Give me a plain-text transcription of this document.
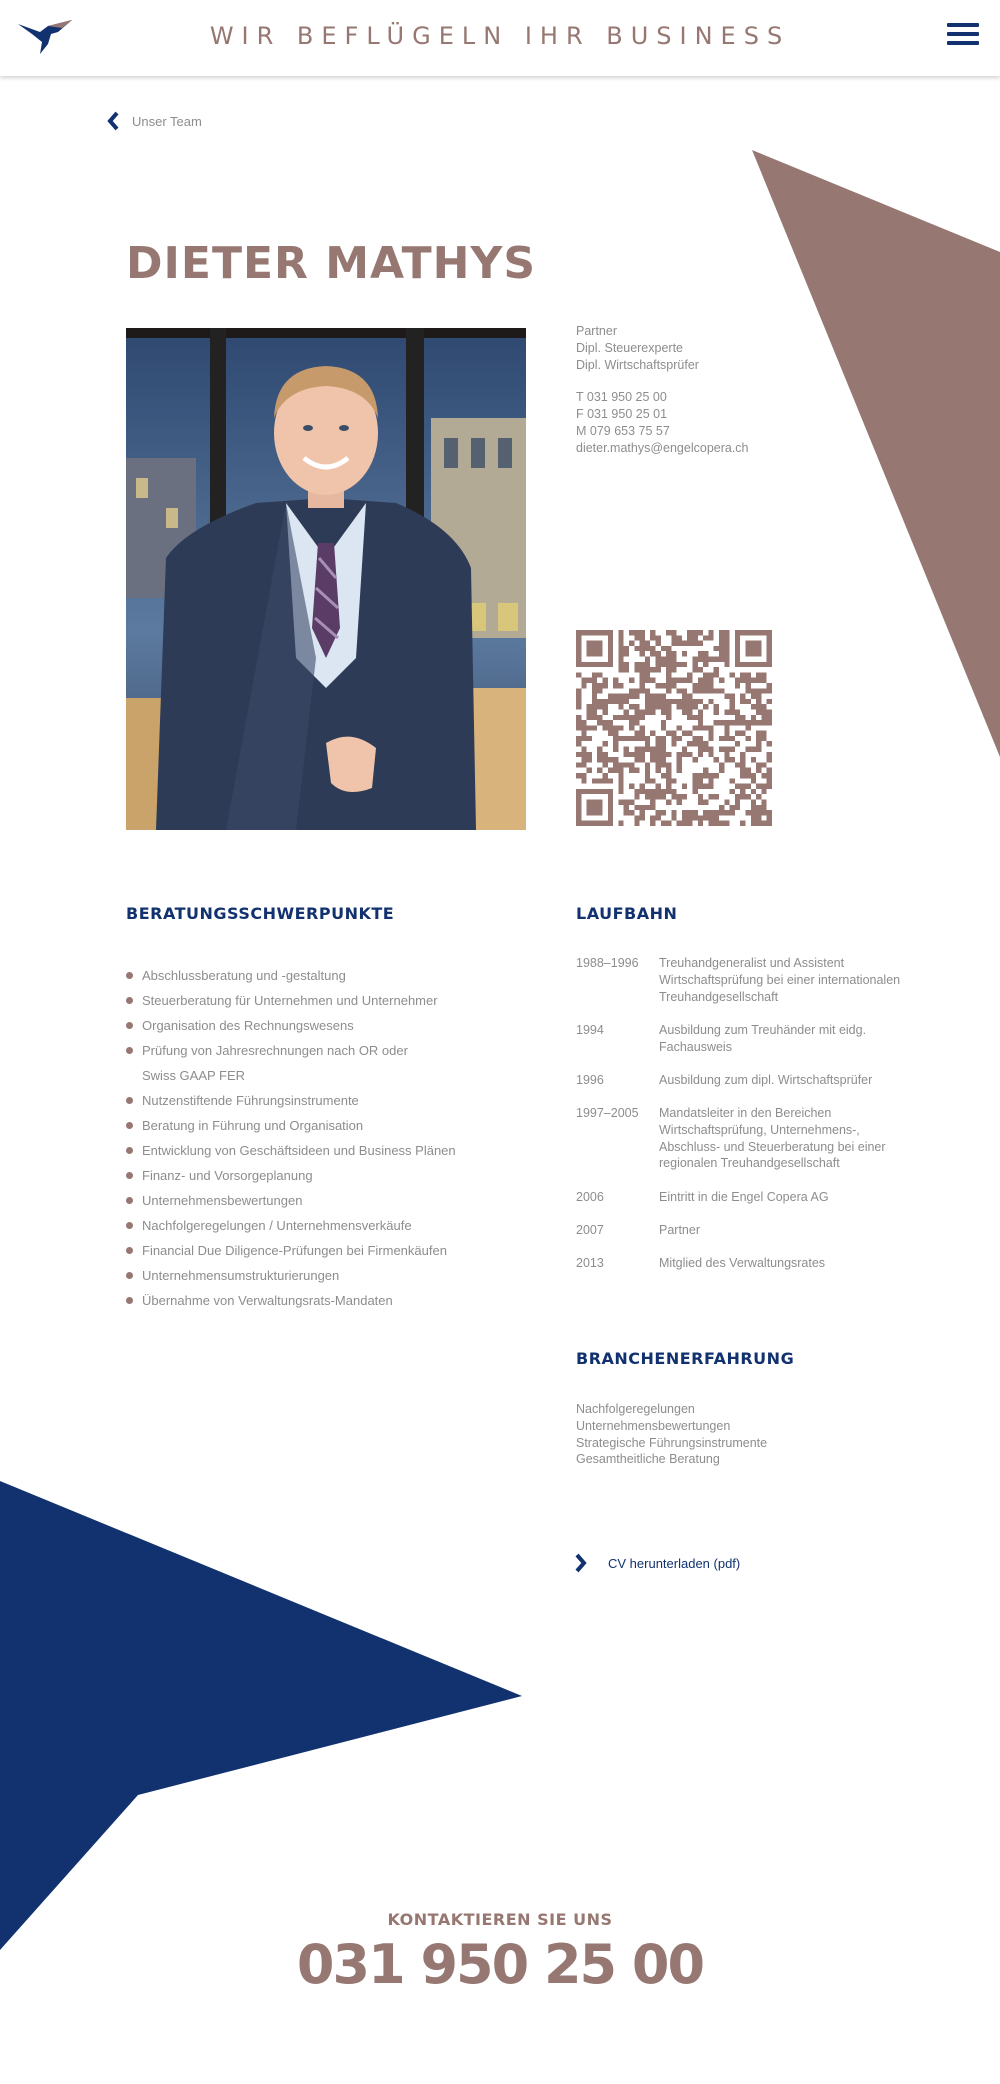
WIR BEFLÜGELN IHR BUSINESS
Unser Team
DIETER MATHYS
Partner
Dipl. Steuerexperte
Dipl. Wirtschaftsprüfer
T 031 950 25 00
F 031 950 25 01
M 079 653 75 57
dieter.mathys@engelcopera.ch
BERATUNGSSCHWERPUNKTE
Abschlussberatung und -gestaltung
Steuerberatung für Unternehmen und Unternehmer
Organisation des Rechnungswesens
Prüfung von Jahresrechnungen nach OR oder Swiss GAAP FER
Nutzenstiftende Führungsinstrumente
Beratung in Führung und Organisation
Entwicklung von Geschäftsideen und Business Plänen
Finanz- und Vorsorgeplanung
Unternehmensbewertungen
Nachfolgeregelungen / Unternehmensverkäufe
Financial Due Diligence-Prüfungen bei Firmenkäufen
Unternehmensumstrukturierungen
Übernahme von Verwaltungsrats-Mandaten
LAUFBAHN
1988–1996	Treuhandgeneralist und Assistent Wirtschaftsprüfung bei einer internationalen Treuhandgesellschaft
1994	Ausbildung zum Treuhänder mit eidg. Fachausweis
1996	Ausbildung zum dipl. Wirtschaftsprüfer
1997–2005	Mandatsleiter in den Bereichen Wirtschaftsprüfung, Unternehmens-, Abschluss- und Steuerberatung bei einer regionalen Treuhandgesellschaft
2006	Eintritt in die Engel Copera AG
2007	Partner
2013	Mitglied des Verwaltungsrates
BRANCHENERFAHRUNG
Nachfolgeregelungen
Unternehmensbewertungen
Strategische Führungsinstrumente
Gesamtheitliche Beratung
CV herunterladen (pdf)
KONTAKTIEREN SIE UNS
031 950 25 00
